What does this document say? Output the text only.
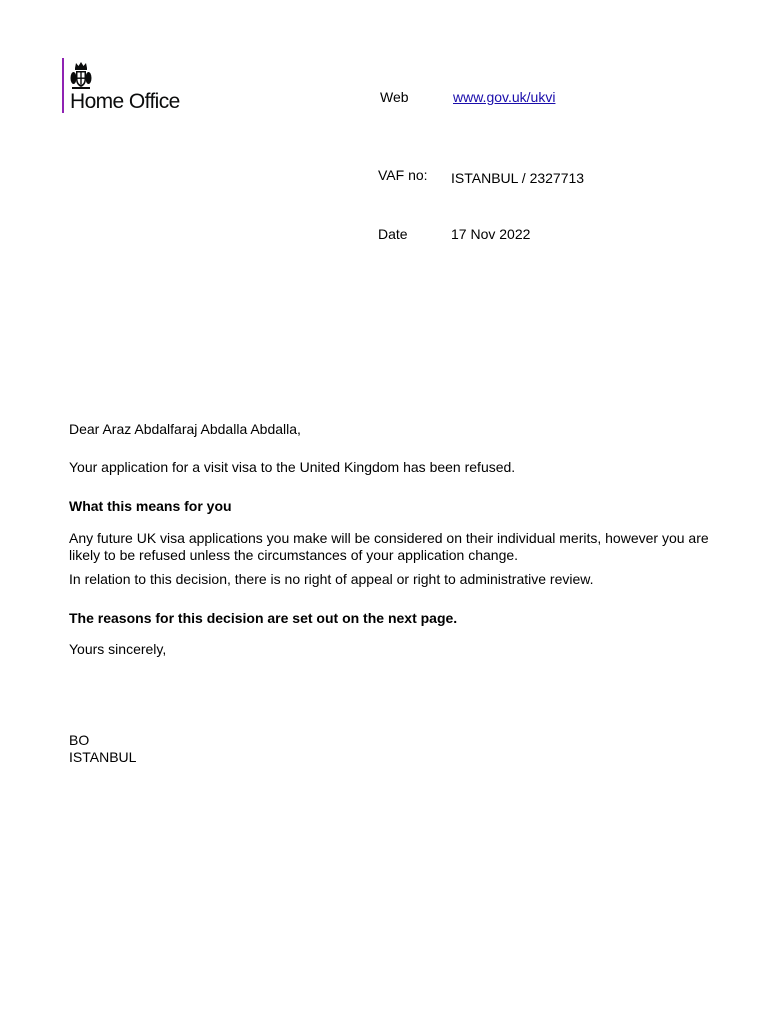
Home Office	Web	www.gov.uk/ukvi
VAF no: ISTANBUL / 2327713
Date	17 Nov 2022
Dear Araz Abdalfaraj Abdalla Abdalla,
Your application for a visit visa to the United Kingdom has been refused.
What this means for you
Any future UK visa applications you make will be considered on their individual merits, however you are likely to be refused unless the circumstances of your application change.
In relation to this decision, there is no right of appeal or right to administrative review.
The reasons for this decision are set out on the next page.
Yours sincerely,
BO
ISTANBUL
